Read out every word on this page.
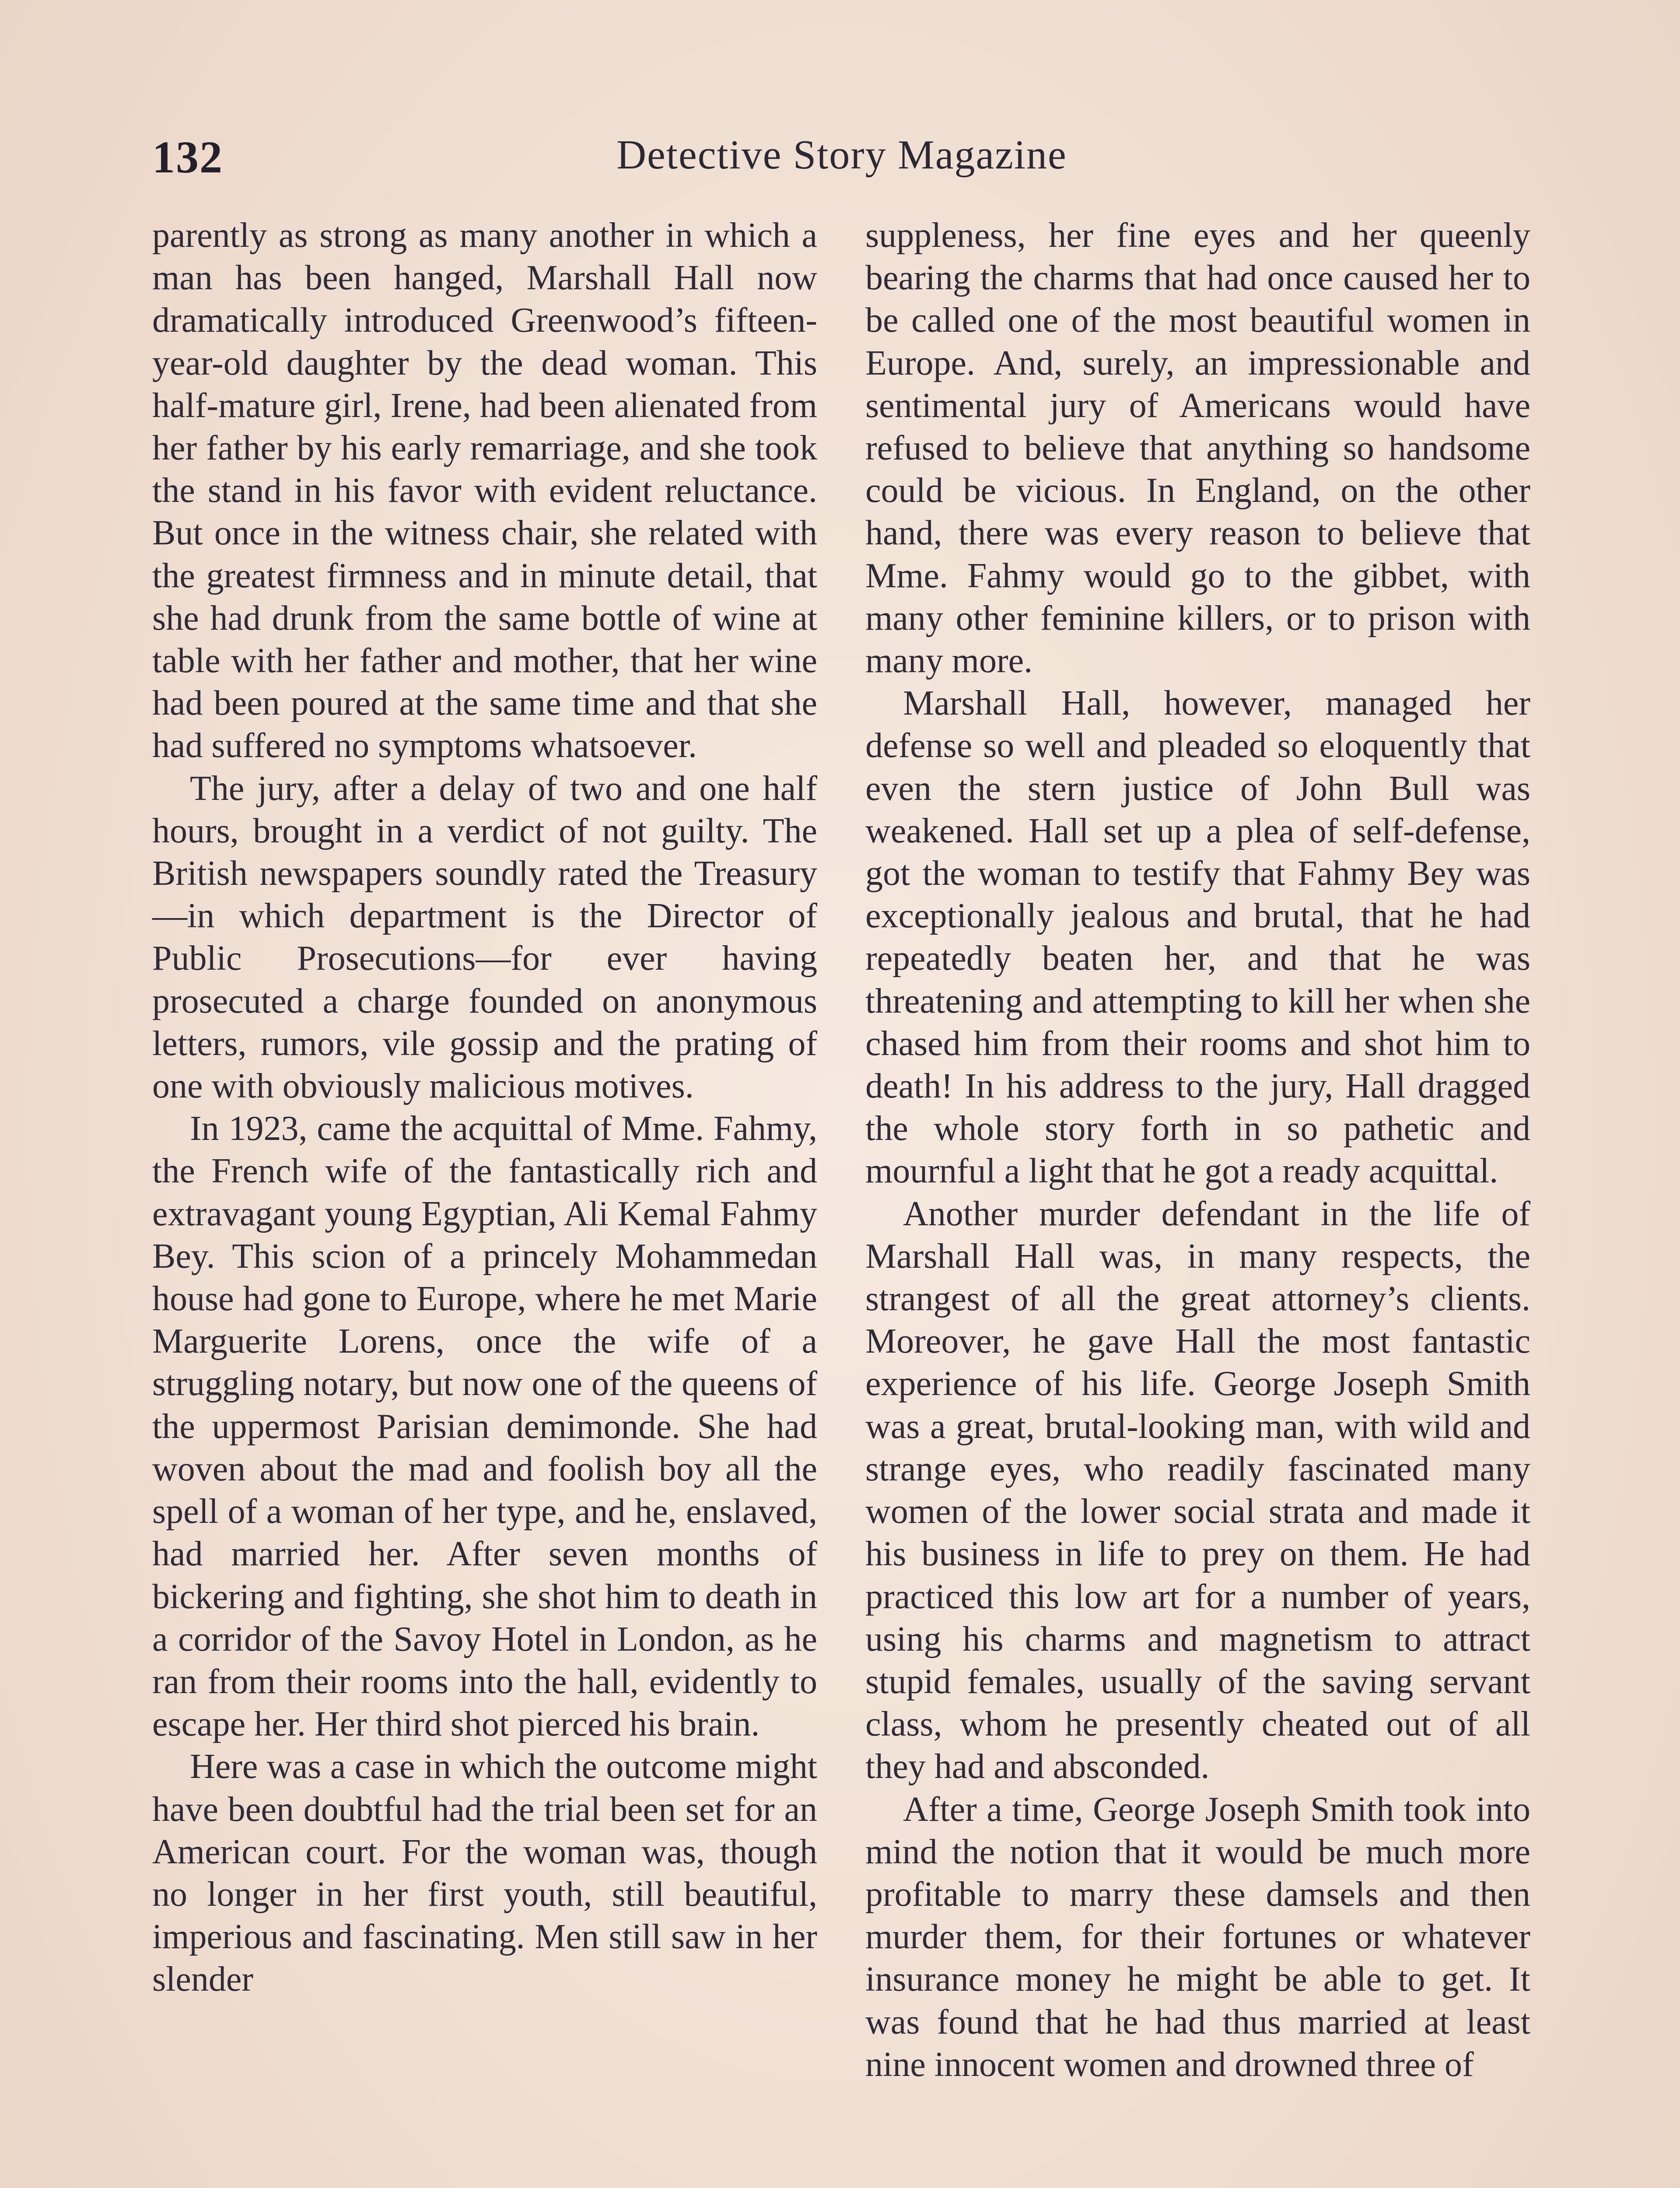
132	Detective Story Magazine

parently as strong as many another in which a man has been hanged, Marshall Hall now dramatically introduced Greenwood’s fifteen-year-old daughter by the dead woman. This half-mature girl, Irene, had been alienated from her father by his early remarriage, and she took the stand in his favor with evident reluctance. But once in the witness chair, she related with the greatest firmness and in minute detail, that she had drunk from the same bottle of wine at table with her father and mother, that her wine had been poured at the same time and that she had suffered no symptoms whatsoever.

The jury, after a delay of two and one half hours, brought in a verdict of not guilty. The British newspapers soundly rated the Treasury—in which department is the Director of Public Prosecutions—for ever having prosecuted a charge founded on anonymous letters, rumors, vile gossip and the prating of one with obviously malicious motives.

In 1923, came the acquittal of Mme. Fahmy, the French wife of the fantastically rich and extravagant young Egyptian, Ali Kemal Fahmy Bey. This scion of a princely Mohammedan house had gone to Europe, where he met Marie Marguerite Lorens, once the wife of a struggling notary, but now one of the queens of the uppermost Parisian demimonde. She had woven about the mad and foolish boy all the spell of a woman of her type, and he, enslaved, had married her. After seven months of bickering and fighting, she shot him to death in a corridor of the Savoy Hotel in London, as he ran from their rooms into the hall, evidently to escape her. Her third shot pierced his brain.

Here was a case in which the outcome might have been doubtful had the trial been set for an American court. For the woman was, though no longer in her first youth, still beautiful, imperious and fascinating. Men still saw in her slender

suppleness, her fine eyes and her queenly bearing the charms that had once caused her to be called one of the most beautiful women in Europe. And, surely, an impressionable and sentimental jury of Americans would have refused to believe that anything so handsome could be vicious. In England, on the other hand, there was every reason to believe that Mme. Fahmy would go to the gibbet, with many other feminine killers, or to prison with many more.

Marshall Hall, however, managed her defense so well and pleaded so eloquently that even the stern justice of John Bull was weakened. Hall set up a plea of self-defense, got the woman to testify that Fahmy Bey was exceptionally jealous and brutal, that he had repeatedly beaten her, and that he was threatening and attempting to kill her when she chased him from their rooms and shot him to death! In his address to the jury, Hall dragged the whole story forth in so pathetic and mournful a light that he got a ready acquittal.

Another murder defendant in the life of Marshall Hall was, in many respects, the strangest of all the great attorney’s clients. Moreover, he gave Hall the most fantastic experience of his life. George Joseph Smith was a great, brutal-looking man, with wild and strange eyes, who readily fascinated many women of the lower social strata and made it his business in life to prey on them. He had practiced this low art for a number of years, using his charms and magnetism to attract stupid females, usually of the saving servant class, whom he presently cheated out of all they had and absconded.

After a time, George Joseph Smith took into mind the notion that it would be much more profitable to marry these damsels and then murder them, for their fortunes or whatever insurance money he might be able to get. It was found that he had thus married at least nine innocent women and drowned three of
